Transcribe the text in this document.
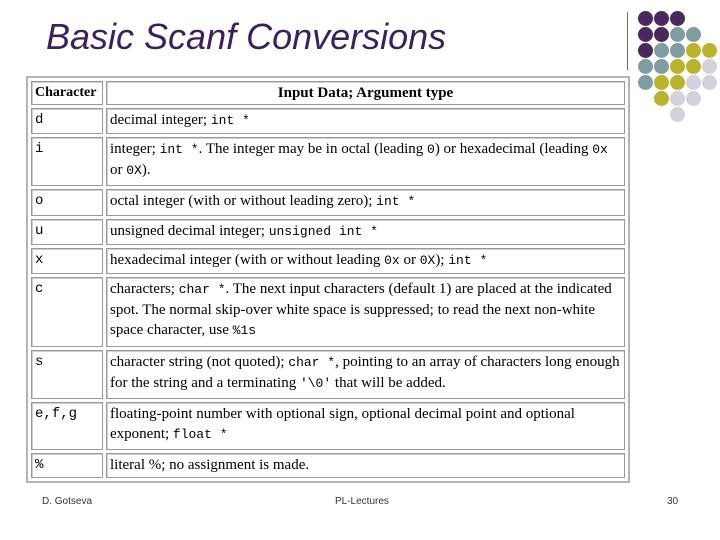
Basic Scanf Conversions
Character	Input Data; Argument type
d	decimal integer; int *
i	integer; int *. The integer may be in octal (leading 0) or hexadecimal (leading 0x or 0X).
o	octal integer (with or without leading zero); int *
u	unsigned decimal integer; unsigned int *
x	hexadecimal integer (with or without leading 0x or 0X); int *
c	characters; char *. The next input characters (default 1) are placed at the indicated spot. The normal skip-over white space is suppressed; to read the next non-white space character, use %1s
s	character string (not quoted); char *, pointing to an array of characters long enough for the string and a terminating '\0' that will be added.
e,f,g	floating-point number with optional sign, optional decimal point and optional exponent; float *
%	literal %; no assignment is made.
D. Gotseva	PL-Lectures	30
